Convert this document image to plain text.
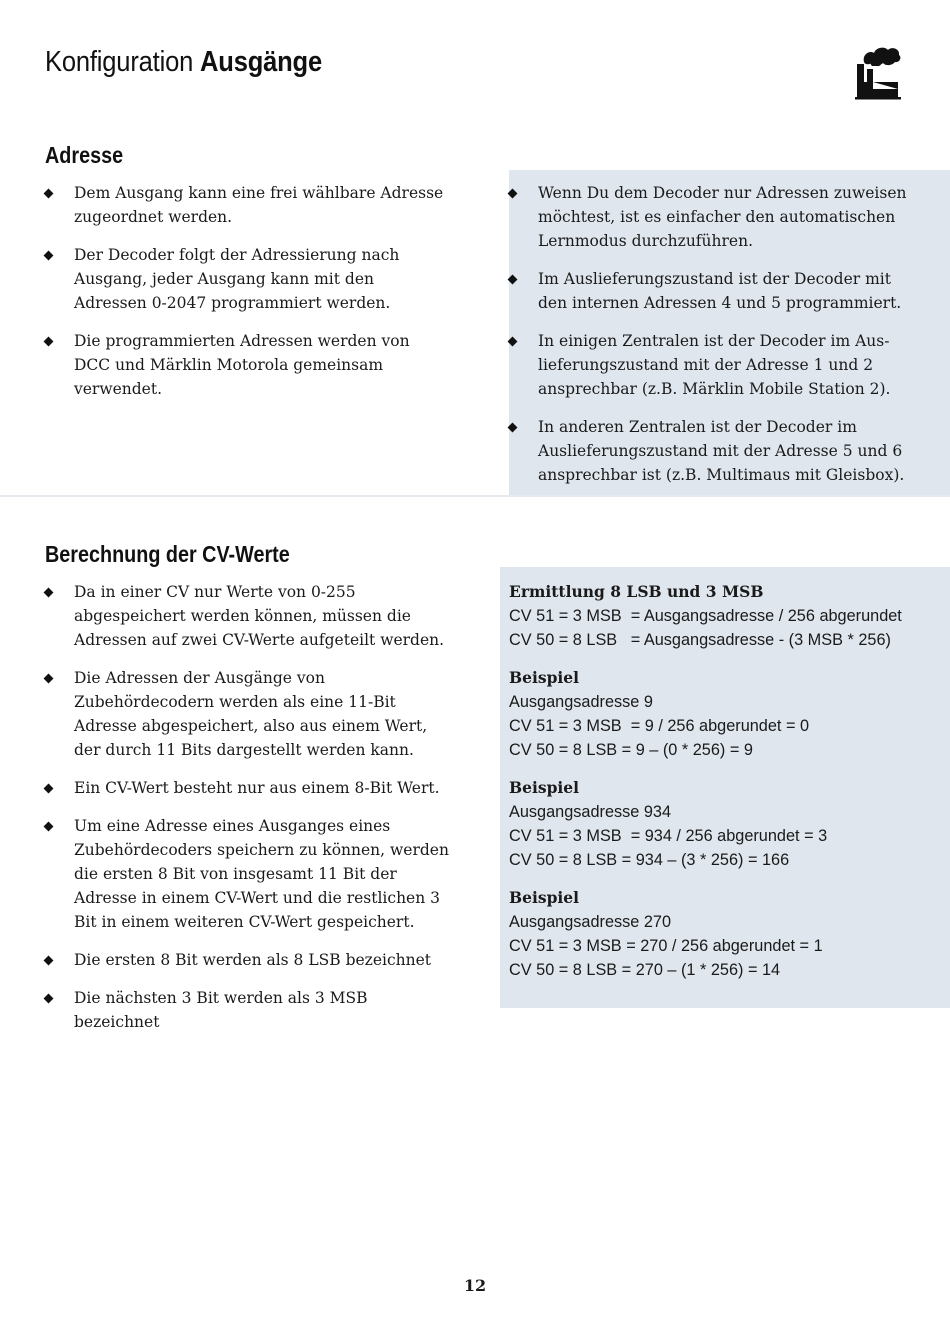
Konfiguration Ausgänge
Adresse
Dem Ausgang kann eine frei wählbare Adresse zugeordnet werden.
Der Decoder folgt der Adressierung nach Ausgang, jeder Ausgang kann mit den Adressen 0-2047 programmiert werden.
Die programmierten Adressen werden von DCC und Märklin Motorola gemeinsam verwendet.
Wenn Du dem Decoder nur Adressen zuweisen möchtest, ist es einfacher den automatischen Lernmodus durchzuführen.
Im Auslieferungszustand ist der Decoder mit den internen Adressen 4 und 5 programmiert.
In einigen Zentralen ist der Decoder im Aus-lieferungszustand mit der Adresse 1 und 2 ansprechbar (z.B. Märklin Mobile Station 2).
In anderen Zentralen ist der Decoder im Auslieferungszustand mit der Adresse 5 und 6 ansprechbar ist (z.B. Multimaus mit Gleisbox).
Berechnung der CV-Werte
Da in einer CV nur Werte von 0-255 abgespeichert werden können, müssen die Adressen auf zwei CV-Werte aufgeteilt werden.
Die Adressen der Ausgänge von Zubehördecodern werden als eine 11-Bit Adresse abgespeichert, also aus einem Wert, der durch 11 Bits dargestellt werden kann.
Ein CV-Wert besteht nur aus einem 8-Bit Wert.
Um eine Adresse eines Ausganges eines Zubehördecoders speichern zu können, werden die ersten 8 Bit von insgesamt 11 Bit der Adresse in einem CV-Wert und die restlichen 3 Bit in einem weiteren CV-Wert gespeichert.
Die ersten 8 Bit werden als 8 LSB bezeichnet
Die nächsten 3 Bit werden als 3 MSB bezeichnet
Ermittlung 8 LSB und 3 MSB
CV 51 = 3 MSB  = Ausgangsadresse / 256 abgerundet
CV 50 = 8 LSB   = Ausgangsadresse - (3 MSB * 256)
Beispiel
Ausgangsadresse 9
CV 51 = 3 MSB  = 9 / 256 abgerundet = 0
CV 50 = 8 LSB = 9 – (0 * 256) = 9
Beispiel
Ausgangsadresse 934
CV 51 = 3 MSB  = 934 / 256 abgerundet = 3
CV 50 = 8 LSB = 934 – (3 * 256) = 166
Beispiel
Ausgangsadresse 270
CV 51 = 3 MSB = 270 / 256 abgerundet = 1
CV 50 = 8 LSB = 270 – (1 * 256) = 14
12
